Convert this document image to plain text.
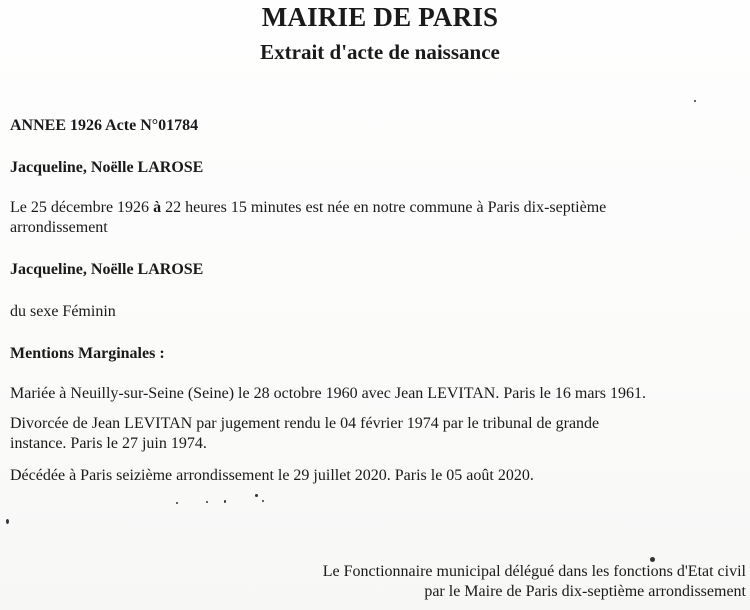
MAIRIE DE PARIS
Extrait d'acte de naissance
ANNEE 1926 Acte N°01784
Jacqueline, Noëlle LAROSE
Le 25 décembre 1926 à 22 heures 15 minutes est née en notre commune à Paris dix-septième
arrondissement
Jacqueline, Noëlle LAROSE
du sexe Féminin
Mentions Marginales :
Mariée à Neuilly-sur-Seine (Seine) le 28 octobre 1960 avec Jean LEVITAN. Paris le 16 mars 1961.
Divorcée de Jean LEVITAN par jugement rendu le 04 février 1974 par le tribunal de grande
instance. Paris le 27 juin 1974.
Décédée à Paris seizième arrondissement le 29 juillet 2020. Paris le 05 août 2020.
Le Fonctionnaire municipal délégué dans les fonctions d'Etat civil
par le Maire de Paris dix-septième arrondissement
